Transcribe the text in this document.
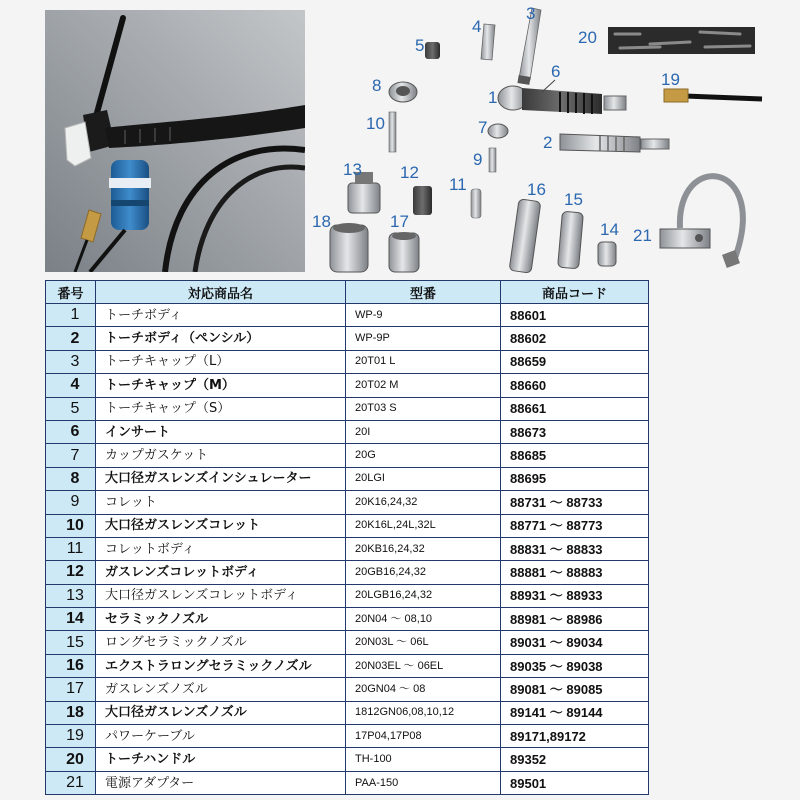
1
2
3
4
5
6
7
8
9
10
11
12
13
14
15
16
17
18
19
20
21
番号	対応商品名	型番	商品コード
1	トーチボディ	WP-9	88601
2	トーチボディ（ペンシル）	WP-9P	88602
3	トーチキャップ（L）	20T01 L	88659
4	トーチキャップ（M）	20T02 M	88660
5	トーチキャップ（S）	20T03 S	88661
6	インサート	20I	88673
7	カップガスケット	20G	88685
8	大口径ガスレンズインシュレーター	20LGI	88695
9	コレット	20K16,24,32	88731 ～ 88733
10	大口径ガスレンズコレット	20K16L,24L,32L	88771 ～ 88773
11	コレットボディ	20KB16,24,32	88831 ～ 88833
12	ガスレンズコレットボディ	20GB16,24,32	88881 ～ 88883
13	大口径ガスレンズコレットボディ	20LGB16,24,32	88931 ～ 88933
14	セラミックノズル	20N04 ～ 08,10	88981 ～ 88986
15	ロングセラミックノズル	20N03L ～ 06L	89031 ～ 89034
16	エクストラロングセラミックノズル	20N03EL ～ 06EL	89035 ～ 89038
17	ガスレンズノズル	20GN04 ～ 08	89081 ～ 89085
18	大口径ガスレンズノズル	1812GN06,08,10,12	89141 ～ 89144
19	パワーケーブル	17P04,17P08	89171,89172
20	トーチハンドル	TH-100	89352
21	電源アダプター	PAA-150	89501
